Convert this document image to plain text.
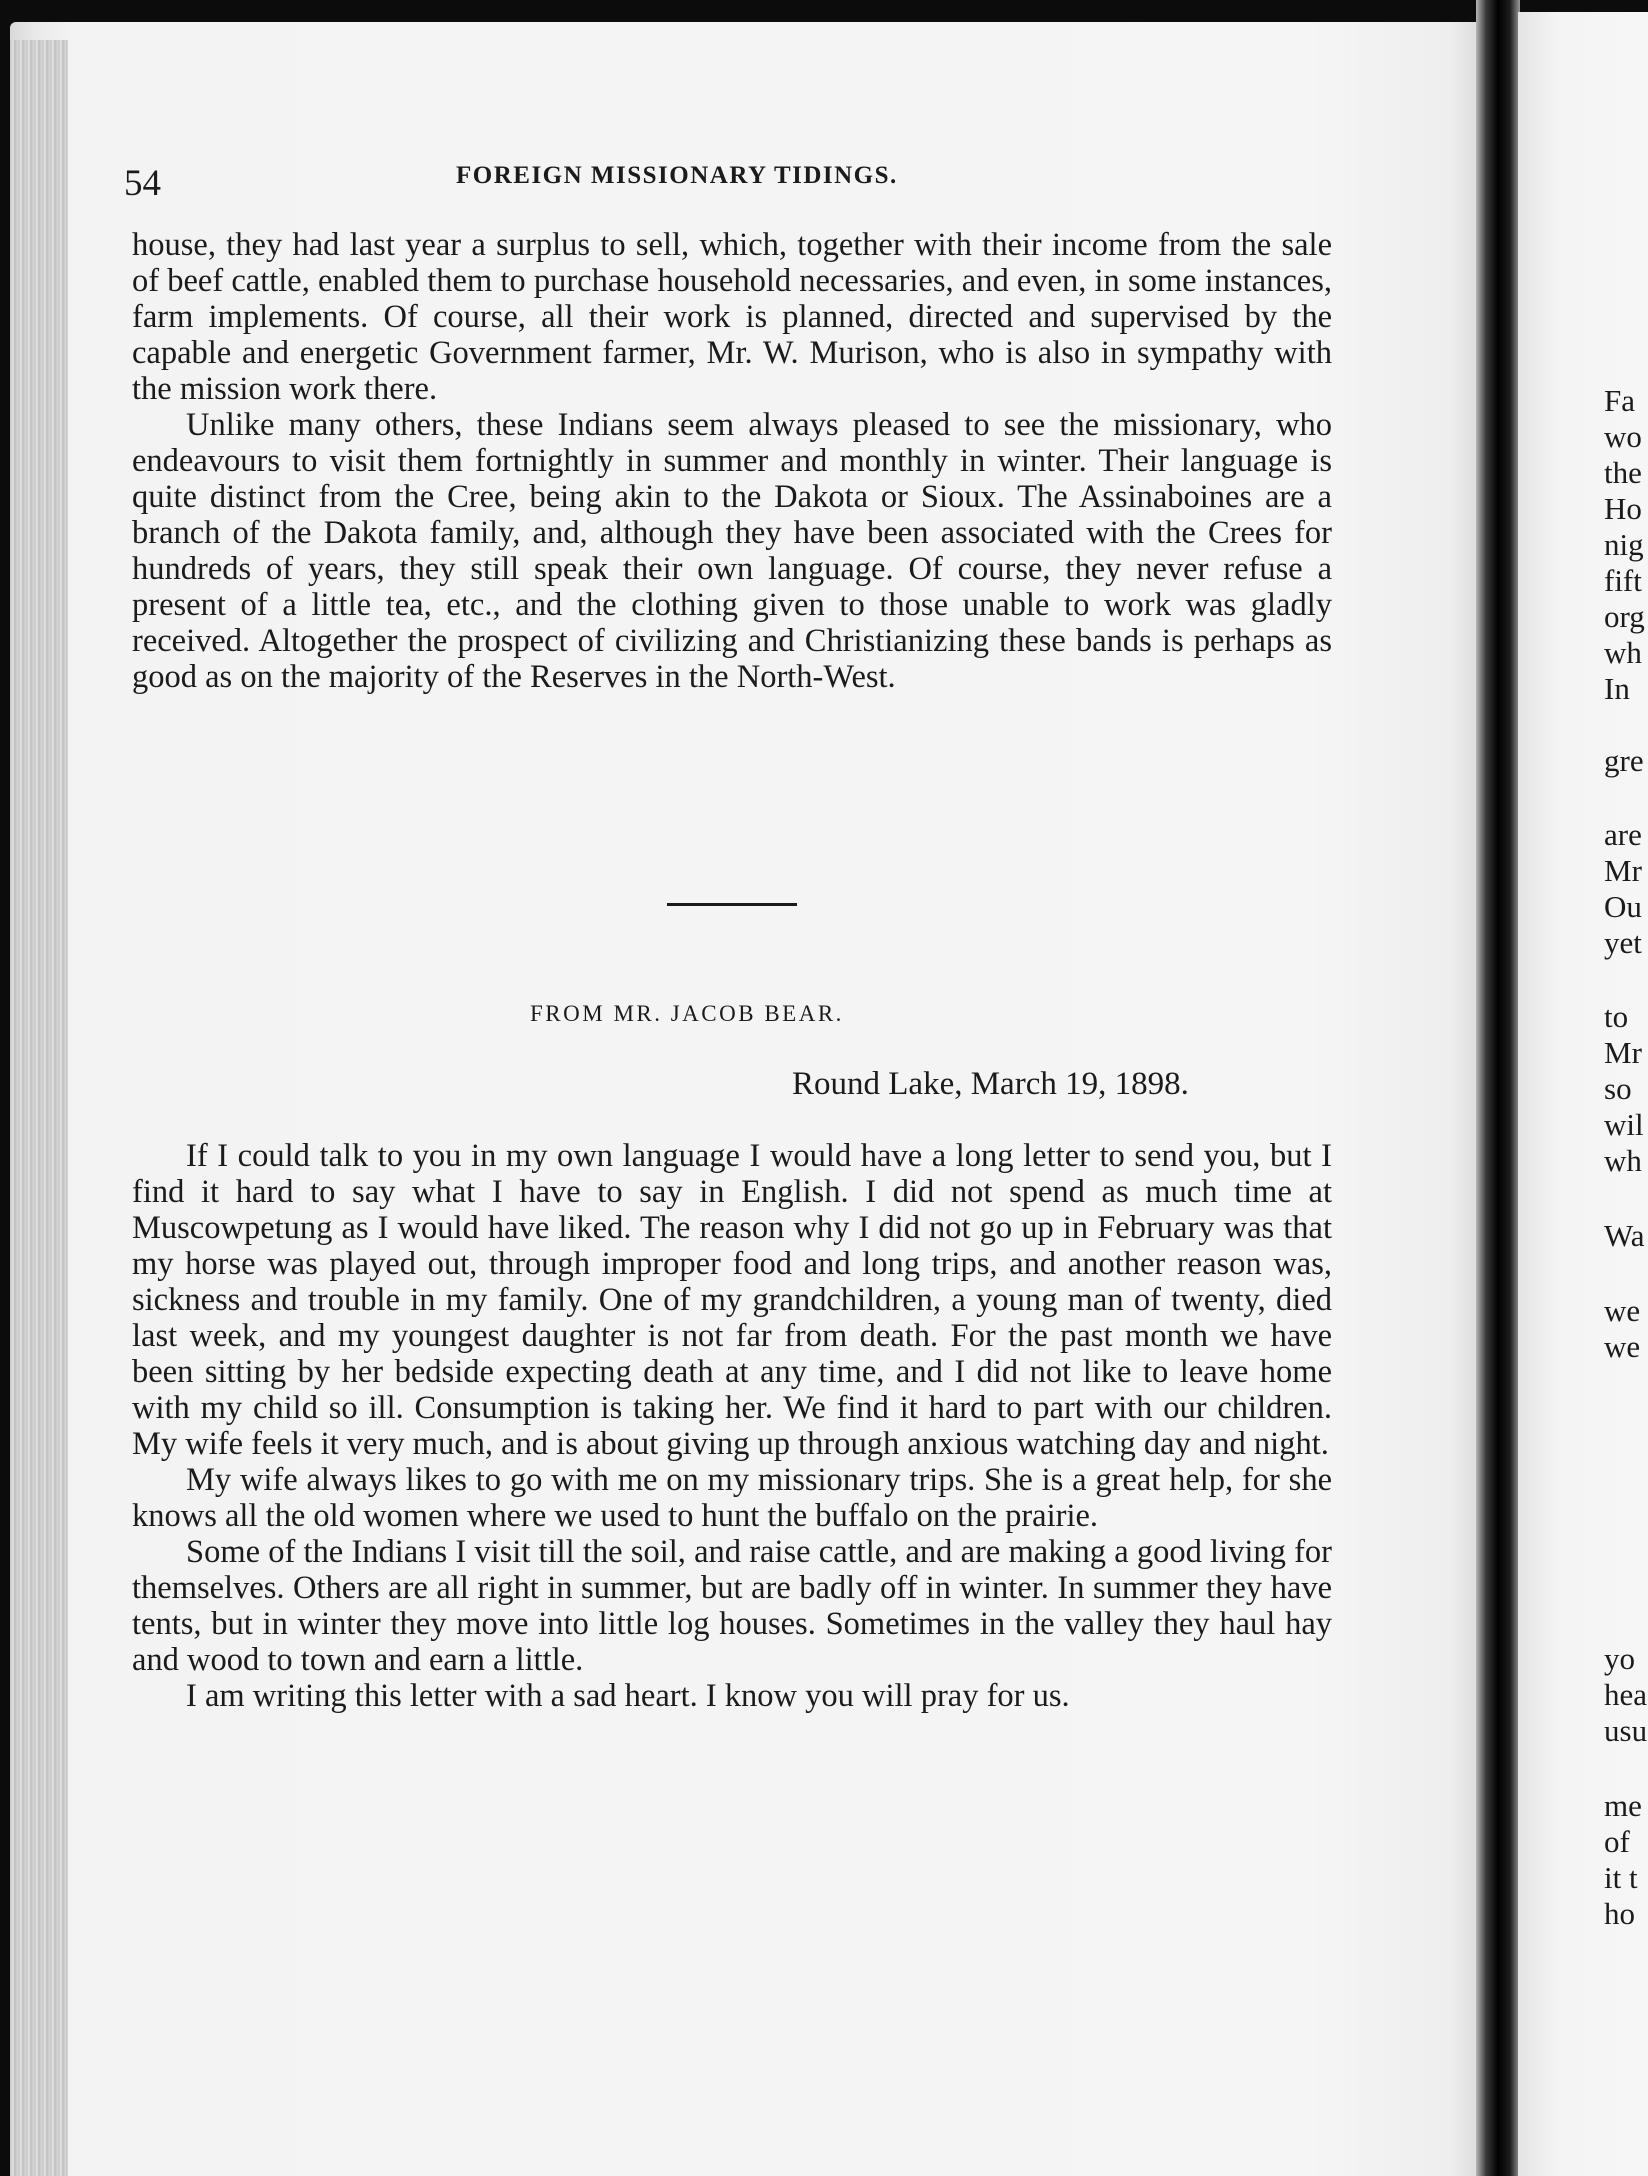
54	FOREIGN MISSIONARY TIDINGS.

house, they had last year a surplus to sell, which, together with their income from the sale of beef cattle, enabled them to purchase household necessaries, and even, in some instances, farm implements. Of course, all their work is planned, directed and supervised by the capable and energetic Government farmer, Mr. W. Murison, who is also in sympathy with the mission work there.

Unlike many others, these Indians seem always pleased to see the missionary, who endeavours to visit them fortnightly in summer and monthly in winter. Their language is quite distinct from the Cree, being akin to the Dakota or Sioux. The Assinaboines are a branch of the Dakota family, and, although they have been associated with the Crees for hundreds of years, they still speak their own language. Of course, they never refuse a present of a little tea, etc., and the clothing given to those unable to work was gladly received. Altogether the prospect of civilizing and Christianizing these bands is perhaps as good as on the majority of the Reserves in the North-West.

FROM MR. JACOB BEAR.
Round Lake, March 19, 1898.

If I could talk to you in my own language I would have a long letter to send you, but I find it hard to say what I have to say in English. I did not spend as much time at Muscowpetung as I would have liked. The reason why I did not go up in February was that my horse was played out, through improper food and long trips, and another reason was, sickness and trouble in my family. One of my grandchildren, a young man of twenty, died last week, and my youngest daughter is not far from death. For the past month we have been sitting by her bedside expecting death at any time, and I did not like to leave home with my child so ill. Consumption is taking her. We find it hard to part with our children. My wife feels it very much, and is about giving up through anxious watching day and night.

My wife always likes to go with me on my missionary trips. She is a great help, for she knows all the old women where we used to hunt the buffalo on the prairie.

Some of the Indians I visit till the soil, and raise cattle, and are making a good living for themselves. Others are all right in summer, but are badly off in winter. In summer they have tents, but in winter they move into little log houses. Sometimes in the valley they haul hay and wood to town and earn a little.

I am writing this letter with a sad heart. I know you will pray for us.

Fa
wo
the
Ho
nig
fift
org
wh
In
gre
are
Mr
Ou
yet
to
Mr
so
wil
wh
Wa
we
we
yo
hea
usu
me
of
it t
ho
